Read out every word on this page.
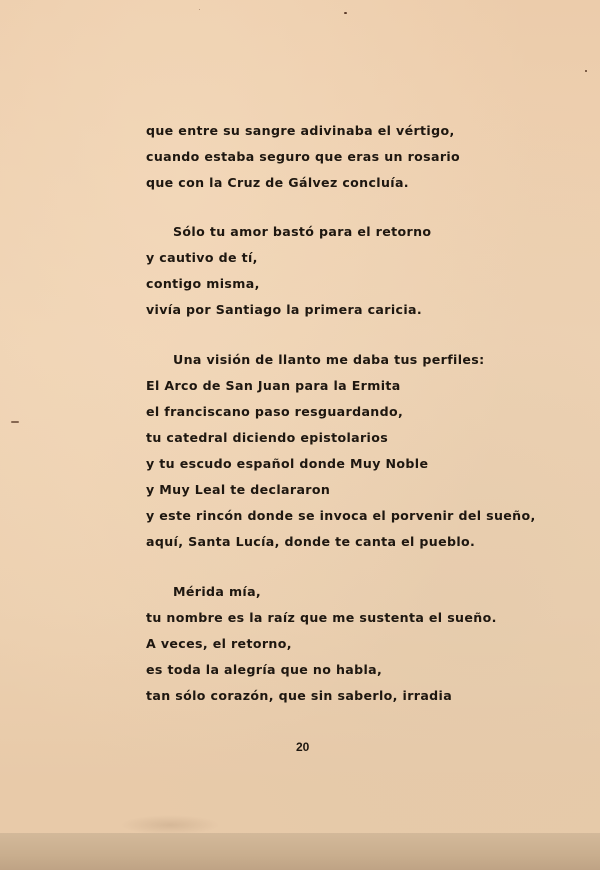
que entre su sangre adivinaba el vértigo,
cuando estaba seguro que eras un rosario
que con la Cruz de Gálvez concluía.
Sólo tu amor bastó para el retorno
y cautivo de tí,
contigo misma,
vivía por Santiago la primera caricia.
Una visión de llanto me daba tus perfiles:
El Arco de San Juan para la Ermita
el franciscano paso resguardando,
tu catedral diciendo epistolarios
y tu escudo español donde Muy Noble
y Muy Leal te declararon
y este rincón donde se invoca el porvenir del sueño,
aquí, Santa Lucía, donde te canta el pueblo.
Mérida mía,
tu nombre es la raíz que me sustenta el sueño.
A veces, el retorno,
es toda la alegría que no habla,
tan sólo corazón, que sin saberlo, irradia
20
